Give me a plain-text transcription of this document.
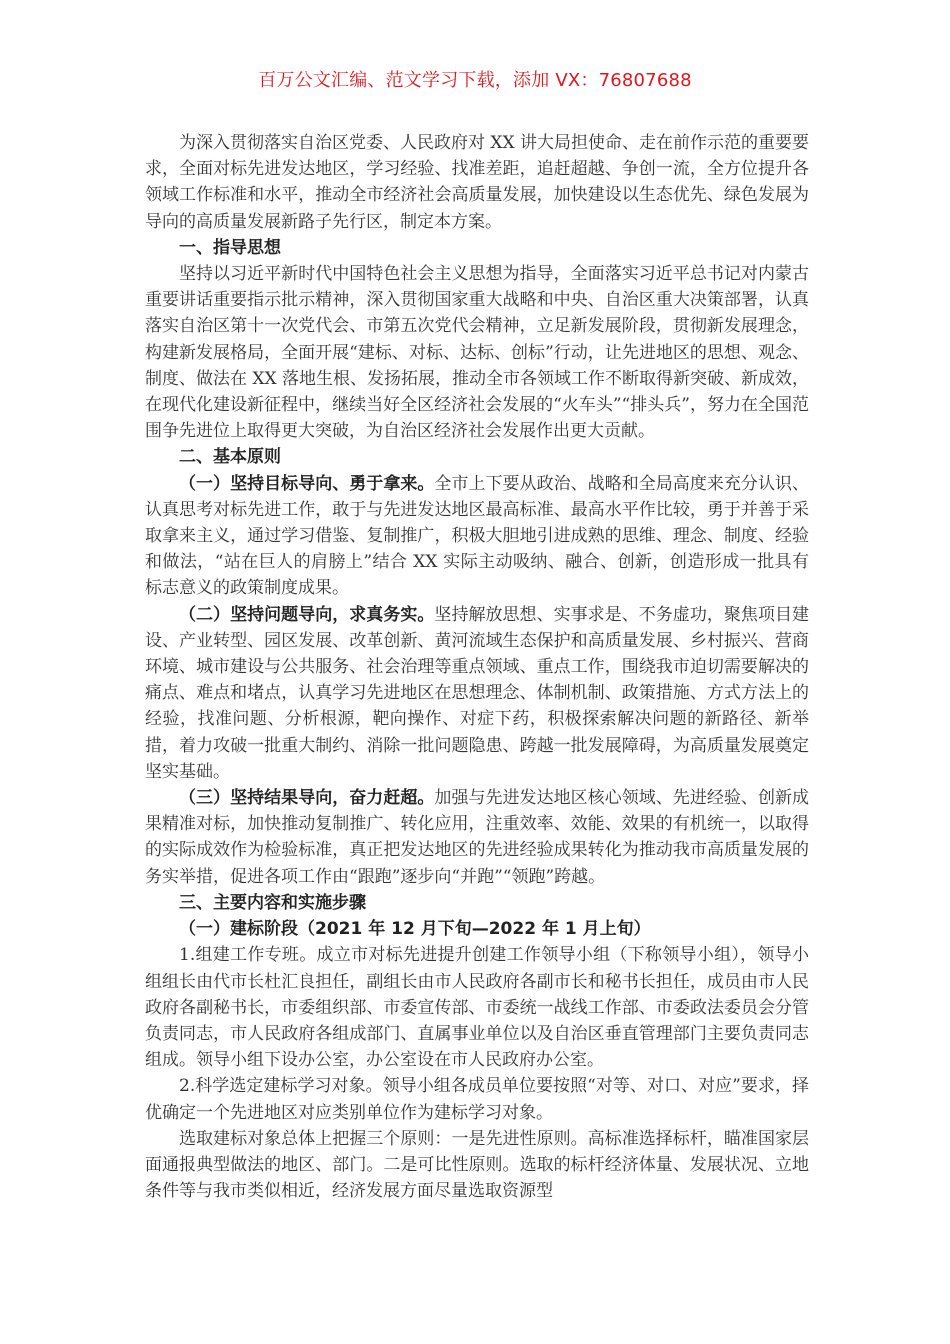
百万公文汇编、范文学习下载，添加 VX：76807688

为深入贯彻落实自治区党委、人民政府对 XX 讲大局担使命、走在前作示范的重要要求，全面对标先进发达地区，学习经验、找准差距，追赶超越、争创一流，全方位提升各领域工作标准和水平，推动全市经济社会高质量发展，加快建设以生态优先、绿色发展为导向的高质量发展新路子先行区，制定本方案。

一、指导思想

坚持以习近平新时代中国特色社会主义思想为指导，全面落实习近平总书记对内蒙古重要讲话重要指示批示精神，深入贯彻国家重大战略和中央、自治区重大决策部署，认真落实自治区第十一次党代会、市第五次党代会精神，立足新发展阶段，贯彻新发展理念，构建新发展格局，全面开展“建标、对标、达标、创标”行动，让先进地区的思想、观念、制度、做法在 XX 落地生根、发扬拓展，推动全市各领域工作不断取得新突破、新成效，在现代化建设新征程中，继续当好全区经济社会发展的“火车头”“排头兵”，努力在全国范围争先进位上取得更大突破，为自治区经济社会发展作出更大贡献。

二、基本原则

（一）坚持目标导向、勇于拿来。全市上下要从政治、战略和全局高度来充分认识、认真思考对标先进工作，敢于与先进发达地区最高标准、最高水平作比较，勇于并善于采取拿来主义，通过学习借鉴、复制推广，积极大胆地引进成熟的思维、理念、制度、经验和做法，“站在巨人的肩膀上”结合 XX 实际主动吸纳、融合、创新，创造形成一批具有标志意义的政策制度成果。

（二）坚持问题导向，求真务实。坚持解放思想、实事求是、不务虚功，聚焦项目建设、产业转型、园区发展、改革创新、黄河流域生态保护和高质量发展、乡村振兴、营商环境、城市建设与公共服务、社会治理等重点领域、重点工作，围绕我市迫切需要解决的痛点、难点和堵点，认真学习先进地区在思想理念、体制机制、政策措施、方式方法上的经验，找准问题、分析根源，靶向操作、对症下药，积极探索解决问题的新路径、新举措，着力攻破一批重大制约、消除一批问题隐患、跨越一批发展障碍，为高质量发展奠定坚实基础。

（三）坚持结果导向，奋力赶超。加强与先进发达地区核心领域、先进经验、创新成果精准对标，加快推动复制推广、转化应用，注重效率、效能、效果的有机统一，以取得的实际成效作为检验标准，真正把发达地区的先进经验成果转化为推动我市高质量发展的务实举措，促进各项工作由“跟跑”逐步向“并跑”“领跑”跨越。

三、主要内容和实施步骤

（一）建标阶段（2021 年 12 月下旬—2022 年 1 月上旬）

1.组建工作专班。成立市对标先进提升创建工作领导小组（下称领导小组），领导小组组长由代市长杜汇良担任，副组长由市人民政府各副市长和秘书长担任，成员由市人民政府各副秘书长，市委组织部、市委宣传部、市委统一战线工作部、市委政法委员会分管负责同志，市人民政府各组成部门、直属事业单位以及自治区垂直管理部门主要负责同志组成。领导小组下设办公室，办公室设在市人民政府办公室。

2.科学选定建标学习对象。领导小组各成员单位要按照“对等、对口、对应”要求，择优确定一个先进地区对应类别单位作为建标学习对象。

选取建标对象总体上把握三个原则：一是先进性原则。高标准选择标杆，瞄准国家层面通报典型做法的地区、部门。二是可比性原则。选取的标杆经济体量、发展状况、立地条件等与我市类似相近，经济发展方面尽量选取资源型
